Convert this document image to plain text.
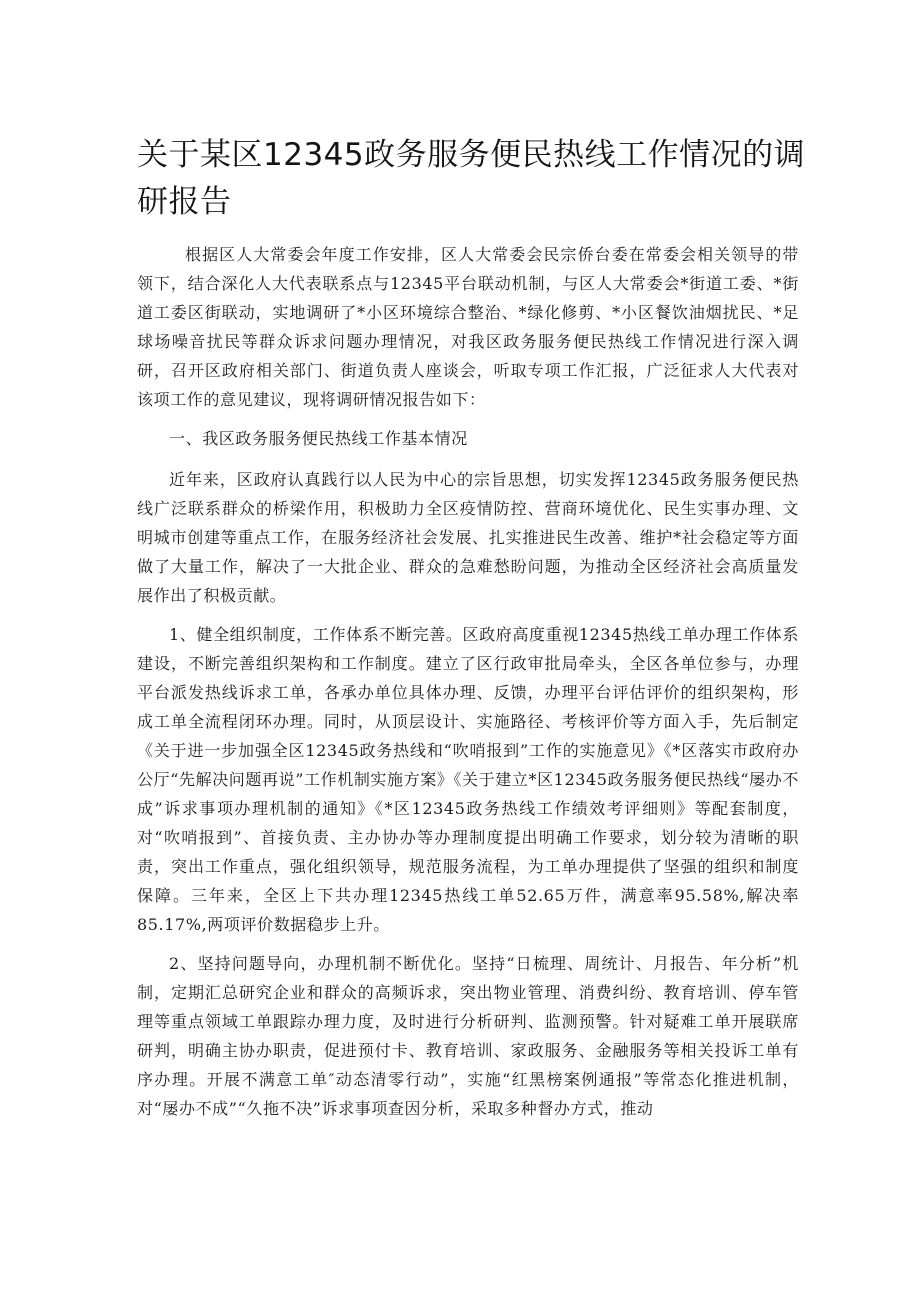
关于某区12345政务服务便民热线工作情况的调研报告

根据区人大常委会年度工作安排，区人大常委会民宗侨台委在常委会相关领导的带领下，结合深化人大代表联系点与12345平台联动机制，与区人大常委会*街道工委、*街道工委区街联动，实地调研了*小区环境综合整治、*绿化修剪、*小区餐饮油烟扰民、*足球场噪音扰民等群众诉求问题办理情况，对我区政务服务便民热线工作情况进行深入调研，召开区政府相关部门、街道负责人座谈会，听取专项工作汇报，广泛征求人大代表对该项工作的意见建议，现将调研情况报告如下：

一、我区政务服务便民热线工作基本情况

近年来，区政府认真践行以人民为中心的宗旨思想，切实发挥12345政务服务便民热线广泛联系群众的桥梁作用，积极助力全区疫情防控、营商环境优化、民生实事办理、文明城市创建等重点工作，在服务经济社会发展、扎实推进民生改善、维护*社会稳定等方面做了大量工作，解决了一大批企业、群众的急难愁盼问题，为推动全区经济社会高质量发展作出了积极贡献。

1、健全组织制度，工作体系不断完善。区政府高度重视12345热线工单办理工作体系建设，不断完善组织架构和工作制度。建立了区行政审批局牵头，全区各单位参与，办理平台派发热线诉求工单，各承办单位具体办理、反馈，办理平台评估评价的组织架构，形成工单全流程闭环办理。同时，从顶层设计、实施路径、考核评价等方面入手，先后制定《关于进一步加强全区12345政务热线和“吹哨报到”工作的实施意见》《*区落实市政府办公厅“先解决问题再说”工作机制实施方案》《关于建立*区12345政务服务便民热线“屡办不成”诉求事项办理机制的通知》《*区12345政务热线工作绩效考评细则》等配套制度，对“吹哨报到”、首接负责、主办协办等办理制度提出明确工作要求，划分较为清晰的职责，突出工作重点，强化组织领导，规范服务流程，为工单办理提供了坚强的组织和制度保障。三年来，全区上下共办理12345热线工单52.65万件，满意率95.58%,解决率85.17%,两项评价数据稳步上升。

2、坚持问题导向，办理机制不断优化。坚持“日梳理、周统计、月报告、年分析”机制，定期汇总研究企业和群众的高频诉求，突出物业管理、消费纠纷、教育培训、停车管理等重点领域工单跟踪办理力度，及时进行分析研判、监测预警。针对疑难工单开展联席研判，明确主协办职责，促进预付卡、教育培训、家政服务、金融服务等相关投诉工单有序办理。开展不满意工单″动态清零行动”，实施“红黑榜案例通报”等常态化推进机制，对“屡办不成”“久拖不决”诉求事项查因分析，采取多种督办方式，推动
